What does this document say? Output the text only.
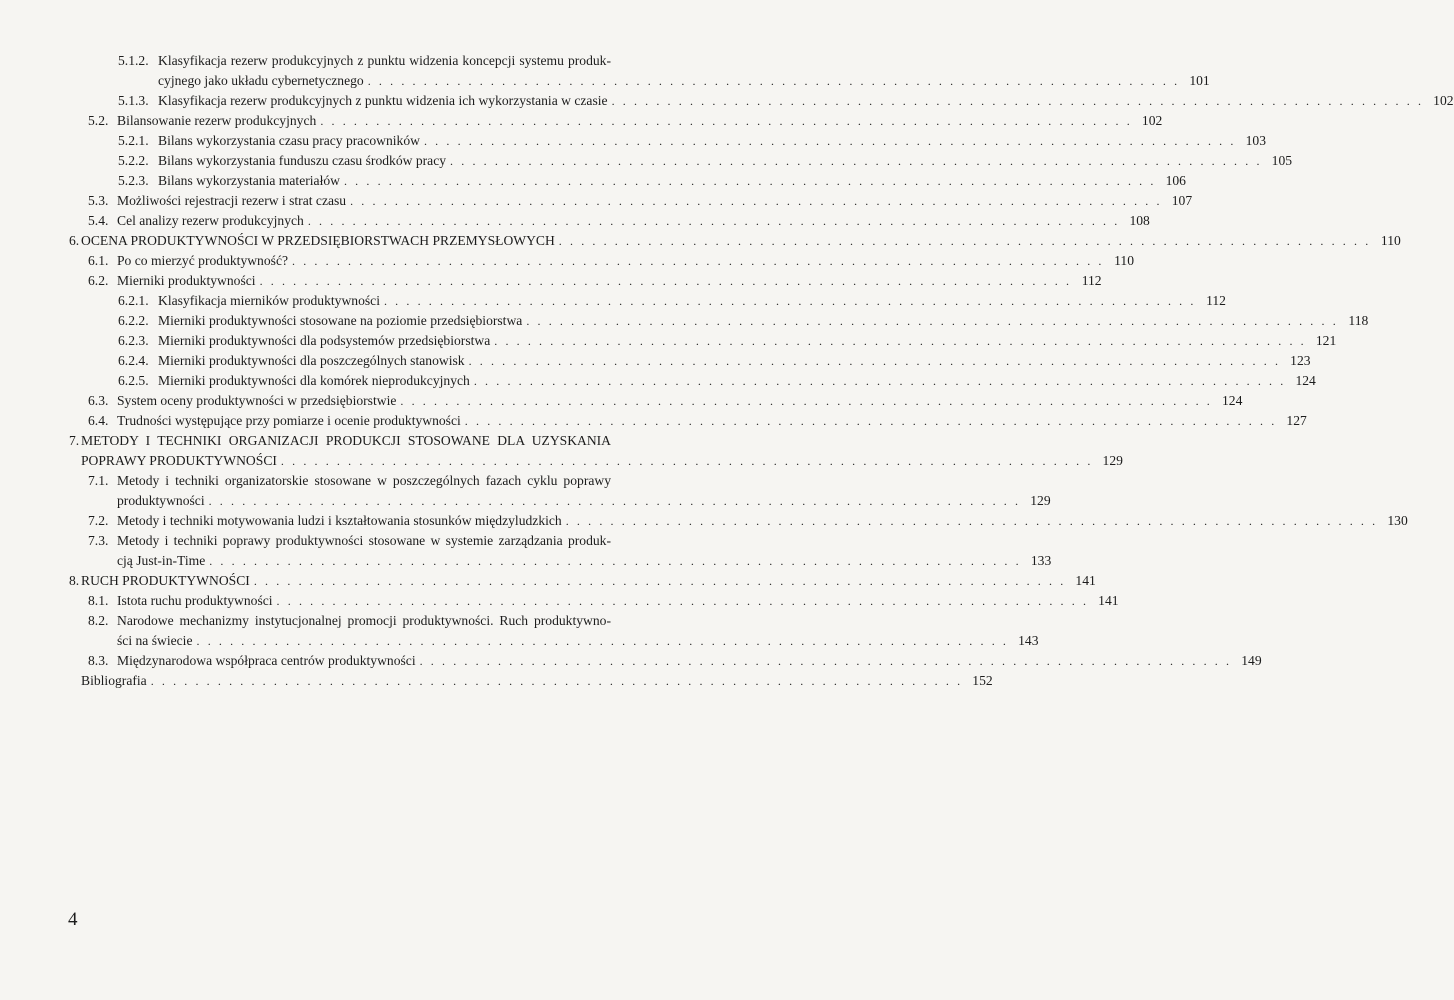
5.1.2. Klasyfikacja rezerw produkcyjnych z punktu widzenia koncepcji systemu produk-
cyjnego jako układu cybernetycznego . . . . . . . . . . . . . . . . . . . . . . . . . . . . . . . . . . . . . . . . . . . . . . . . . . . . . . . . . . . . . . . . . . . . . . . . . 101
5.1.3. Klasyfikacja rezerw produkcyjnych z punktu widzenia ich wykorzystania w czasie . . . . . . . . . . . . . . . . . . . . . . . . . . . . . . . . . . . . . . . . . . . . . . . . . . . . . . . . . . . . . . . . . . . . . . . . . 102
5.2. Bilansowanie rezerw produkcyjnych . . . . . . . . . . . . . . . . . . . . . . . . . . . . . . . . . . . . . . . . . . . . . . . . . . . . . . . . . . . . . . . . . . . . . . . . . 102
5.2.1. Bilans wykorzystania czasu pracy pracowników . . . . . . . . . . . . . . . . . . . . . . . . . . . . . . . . . . . . . . . . . . . . . . . . . . . . . . . . . . . . . . . . . . . . . . . . . 103
5.2.2. Bilans wykorzystania funduszu czasu środków pracy . . . . . . . . . . . . . . . . . . . . . . . . . . . . . . . . . . . . . . . . . . . . . . . . . . . . . . . . . . . . . . . . . . . . . . . . . 105
5.2.3. Bilans wykorzystania materiałów . . . . . . . . . . . . . . . . . . . . . . . . . . . . . . . . . . . . . . . . . . . . . . . . . . . . . . . . . . . . . . . . . . . . . . . . . 106
5.3. Możliwości rejestracji rezerw i strat czasu . . . . . . . . . . . . . . . . . . . . . . . . . . . . . . . . . . . . . . . . . . . . . . . . . . . . . . . . . . . . . . . . . . . . . . . . . 107
5.4. Cel analizy rezerw produkcyjnych . . . . . . . . . . . . . . . . . . . . . . . . . . . . . . . . . . . . . . . . . . . . . . . . . . . . . . . . . . . . . . . . . . . . . . . . . 108
6. OCENA PRODUKTYWNOŚCI W PRZEDSIĘBIORSTWACH PRZEMYSŁOWYCH . . . . . . . . . . . . . . . . . . . . . . . . . . . . . . . . . . . . . . . . . . . . . . . . . . . . . . . . . . . . . . . . . . . . . . . . . 110
6.1. Po co mierzyć produktywność? . . . . . . . . . . . . . . . . . . . . . . . . . . . . . . . . . . . . . . . . . . . . . . . . . . . . . . . . . . . . . . . . . . . . . . . . . 110
6.2. Mierniki produktywności . . . . . . . . . . . . . . . . . . . . . . . . . . . . . . . . . . . . . . . . . . . . . . . . . . . . . . . . . . . . . . . . . . . . . . . . . 112
6.2.1. Klasyfikacja mierników produktywności . . . . . . . . . . . . . . . . . . . . . . . . . . . . . . . . . . . . . . . . . . . . . . . . . . . . . . . . . . . . . . . . . . . . . . . . . 112
6.2.2. Mierniki produktywności stosowane na poziomie przedsiębiorstwa . . . . . . . . . . . . . . . . . . . . . . . . . . . . . . . . . . . . . . . . . . . . . . . . . . . . . . . . . . . . . . . . . . . . . . . . . 118
6.2.3. Mierniki produktywności dla podsystemów przedsiębiorstwa . . . . . . . . . . . . . . . . . . . . . . . . . . . . . . . . . . . . . . . . . . . . . . . . . . . . . . . . . . . . . . . . . . . . . . . . . 121
6.2.4. Mierniki produktywności dla poszczególnych stanowisk . . . . . . . . . . . . . . . . . . . . . . . . . . . . . . . . . . . . . . . . . . . . . . . . . . . . . . . . . . . . . . . . . . . . . . . . . 123
6.2.5. Mierniki produktywności dla komórek nieprodukcyjnych . . . . . . . . . . . . . . . . . . . . . . . . . . . . . . . . . . . . . . . . . . . . . . . . . . . . . . . . . . . . . . . . . . . . . . . . . 124
6.3. System oceny produktywności w przedsiębiorstwie . . . . . . . . . . . . . . . . . . . . . . . . . . . . . . . . . . . . . . . . . . . . . . . . . . . . . . . . . . . . . . . . . . . . . . . . . 124
6.4. Trudności występujące przy pomiarze i ocenie produktywności . . . . . . . . . . . . . . . . . . . . . . . . . . . . . . . . . . . . . . . . . . . . . . . . . . . . . . . . . . . . . . . . . . . . . . . . . 127
7. METODY I TECHNIKI ORGANIZACJI PRODUKCJI STOSOWANE DLA UZYSKANIA
POPRAWY PRODUKTYWNOŚCI . . . . . . . . . . . . . . . . . . . . . . . . . . . . . . . . . . . . . . . . . . . . . . . . . . . . . . . . . . . . . . . . . . . . . . . . . 129
7.1. Metody i techniki organizatorskie stosowane w poszczególnych fazach cyklu poprawy
produktywności . . . . . . . . . . . . . . . . . . . . . . . . . . . . . . . . . . . . . . . . . . . . . . . . . . . . . . . . . . . . . . . . . . . . . . . . . 129
7.2. Metody i techniki motywowania ludzi i kształtowania stosunków międzyludzkich . . . . . . . . . . . . . . . . . . . . . . . . . . . . . . . . . . . . . . . . . . . . . . . . . . . . . . . . . . . . . . . . . . . . . . . . . 130
7.3. Metody i techniki poprawy produktywności stosowane w systemie zarządzania produk-
cją Just-in-Time . . . . . . . . . . . . . . . . . . . . . . . . . . . . . . . . . . . . . . . . . . . . . . . . . . . . . . . . . . . . . . . . . . . . . . . . . 133
8. RUCH PRODUKTYWNOŚCI . . . . . . . . . . . . . . . . . . . . . . . . . . . . . . . . . . . . . . . . . . . . . . . . . . . . . . . . . . . . . . . . . . . . . . . . . 141
8.1. Istota ruchu produktywności . . . . . . . . . . . . . . . . . . . . . . . . . . . . . . . . . . . . . . . . . . . . . . . . . . . . . . . . . . . . . . . . . . . . . . . . . 141
8.2. Narodowe mechanizmy instytucjonalnej promocji produktywności. Ruch produktywno-
ści na świecie . . . . . . . . . . . . . . . . . . . . . . . . . . . . . . . . . . . . . . . . . . . . . . . . . . . . . . . . . . . . . . . . . . . . . . . . . 143
8.3. Międzynarodowa współpraca centrów produktywności . . . . . . . . . . . . . . . . . . . . . . . . . . . . . . . . . . . . . . . . . . . . . . . . . . . . . . . . . . . . . . . . . . . . . . . . . 149
Bibliografia . . . . . . . . . . . . . . . . . . . . . . . . . . . . . . . . . . . . . . . . . . . . . . . . . . . . . . . . . . . . . . . . . . . . . . . . . 152
4
